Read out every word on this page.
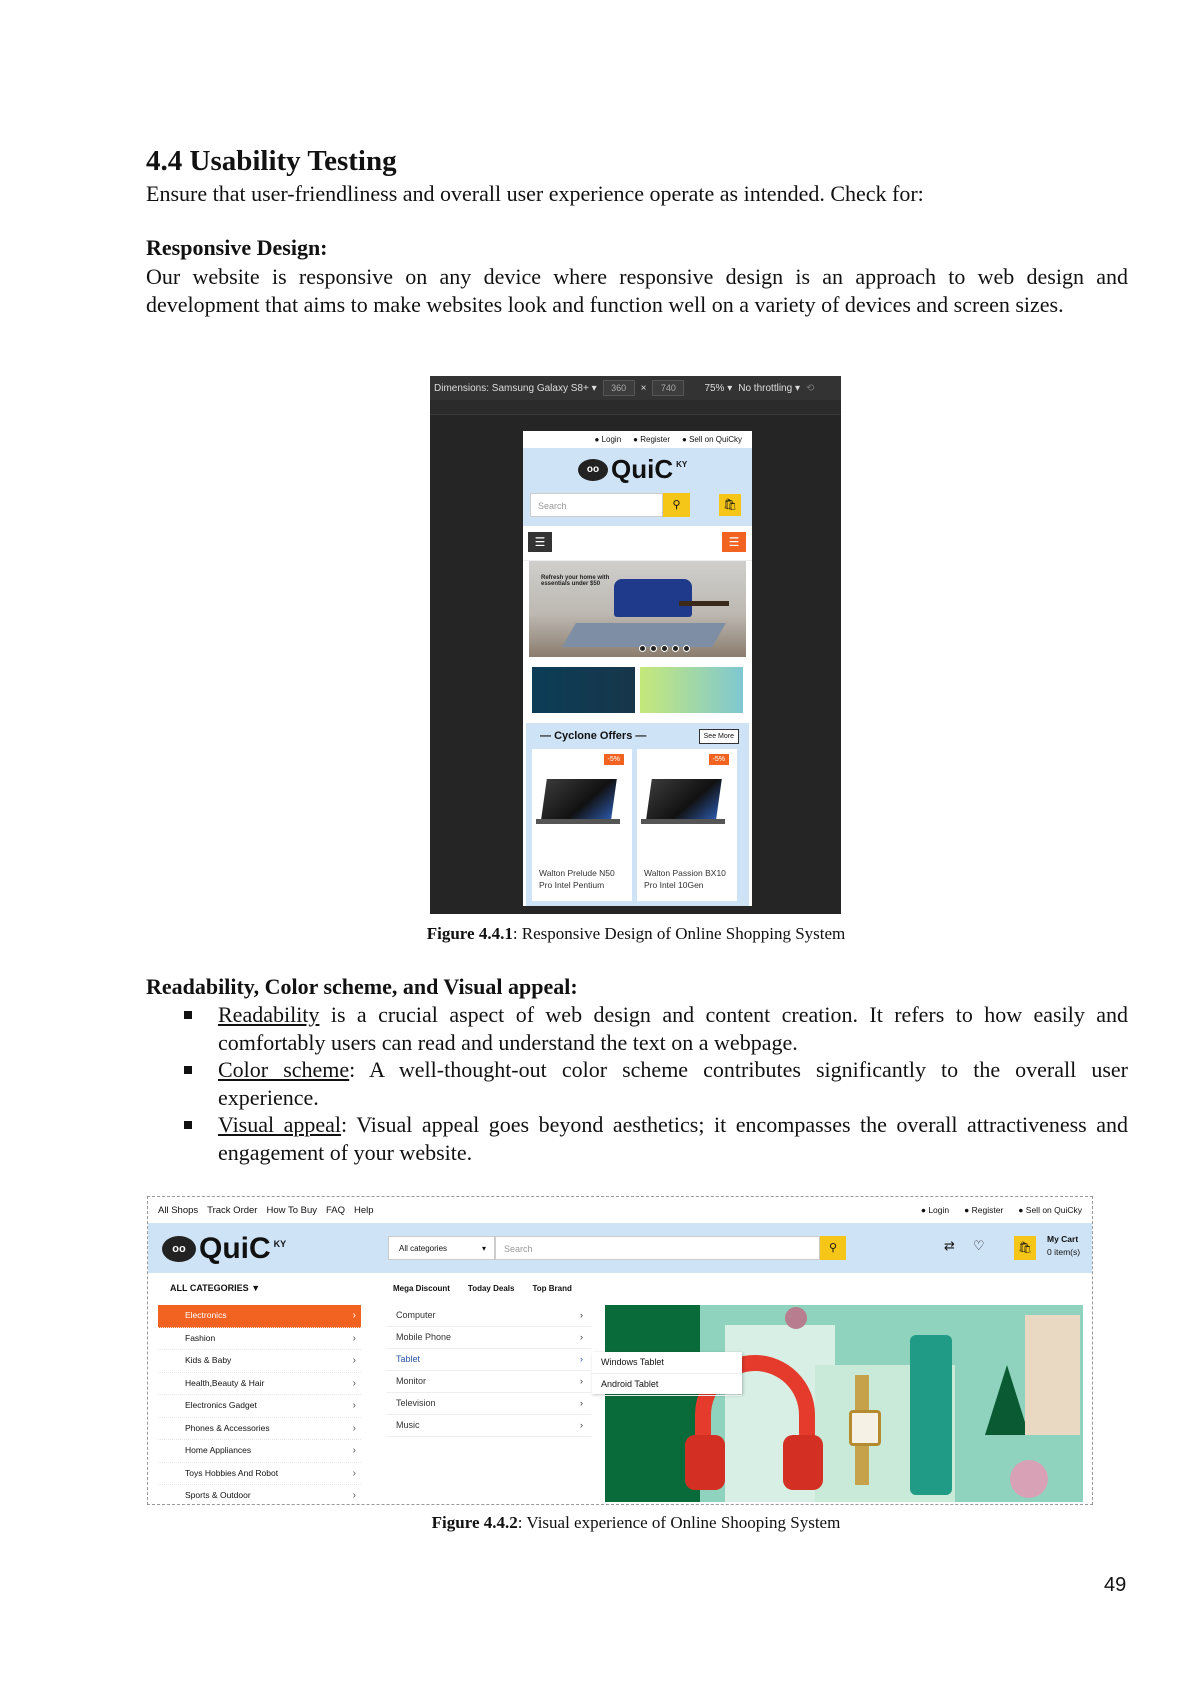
4.4 Usability Testing
Ensure that user-friendliness and overall user experience operate as intended. Check for:
Responsive Design:
Our website is responsive on any device where responsive design is an approach to web design and development that aims to make websites look and function well on a variety of devices and screen sizes.
Dimensions: Samsung Galaxy S8+ ▾	360	×	740	75% ▾ No throttling ▾ ⟲
● Login ● Register ● Sell on QuiCky
oo QuiC KY
Search	⚲	🛍
☰	☰
Refresh your home with essentials under $50
— Cyclone Offers —	See More
-5%
Walton Prelude N50
Pro Intel Pentium
-5%
Walton Passion BX10
Pro Intel 10Gen
Figure 4.4.1: Responsive Design of Online Shopping System
Readability, Color scheme, and Visual appeal:
Readability is a crucial aspect of web design and content creation. It refers to how easily and comfortably users can read and understand the text on a webpage.
Color scheme: A well-thought-out color scheme contributes significantly to the overall user experience.
Visual appeal: Visual appeal goes beyond aesthetics; it encompasses the overall attractiveness and engagement of your website.
All Shops Track Order How To Buy FAQ Help	● Login ● Register ● Sell on QuiCky
oo QuiC KY	All categories	▾	Search	⚲	⇄ ♡	🛍
My Cart
0 item(s)
ALL CATEGORIES ▼	Mega Discount Today Deals Top Brand
Electronics	›
Fashion	›
Kids & Baby	›
Health,Beauty & Hair	›
Electronics Gadget	›
Phones & Accessories	›
Home Appliances	›
Toys Hobbies And Robot	›
Sports & Outdoor	›
Computer	›
Mobile Phone	›
Tablet	›
Monitor	›
Television	›
Music	›
Windows Tablet
Android Tablet
Figure 4.4.2: Visual experience of Online Shooping System
49
